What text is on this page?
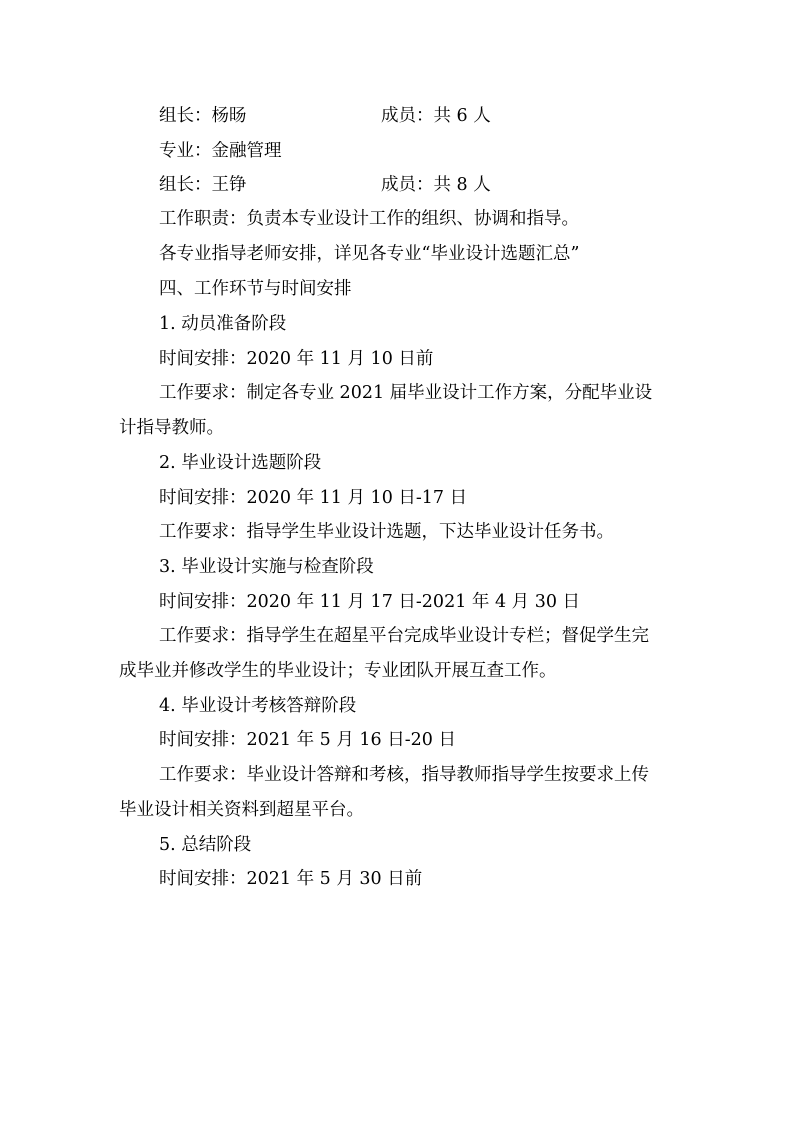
组长：杨旸	成员：共 6 人
专业：金融管理
组长：王铮	成员：共 8 人
工作职责：负责本专业设计工作的组织、协调和指导。
各专业指导老师安排，详见各专业“毕业设计选题汇总”
四、工作环节与时间安排
1. 动员准备阶段
时间安排：2020 年 11 月 10 日前
工作要求：制定各专业 2021 届毕业设计工作方案，分配毕业设
计指导教师。
2. 毕业设计选题阶段
时间安排：2020 年 11 月 10 日-17 日
工作要求：指导学生毕业设计选题，下达毕业设计任务书。
3. 毕业设计实施与检查阶段
时间安排：2020 年 11 月 17 日-2021 年 4 月 30 日
工作要求：指导学生在超星平台完成毕业设计专栏；督促学生完
成毕业并修改学生的毕业设计；专业团队开展互查工作。
4. 毕业设计考核答辩阶段
时间安排：2021 年 5 月 16 日-20 日
工作要求：毕业设计答辩和考核，指导教师指导学生按要求上传
毕业设计相关资料到超星平台。
5. 总结阶段
时间安排：2021 年 5 月 30 日前
